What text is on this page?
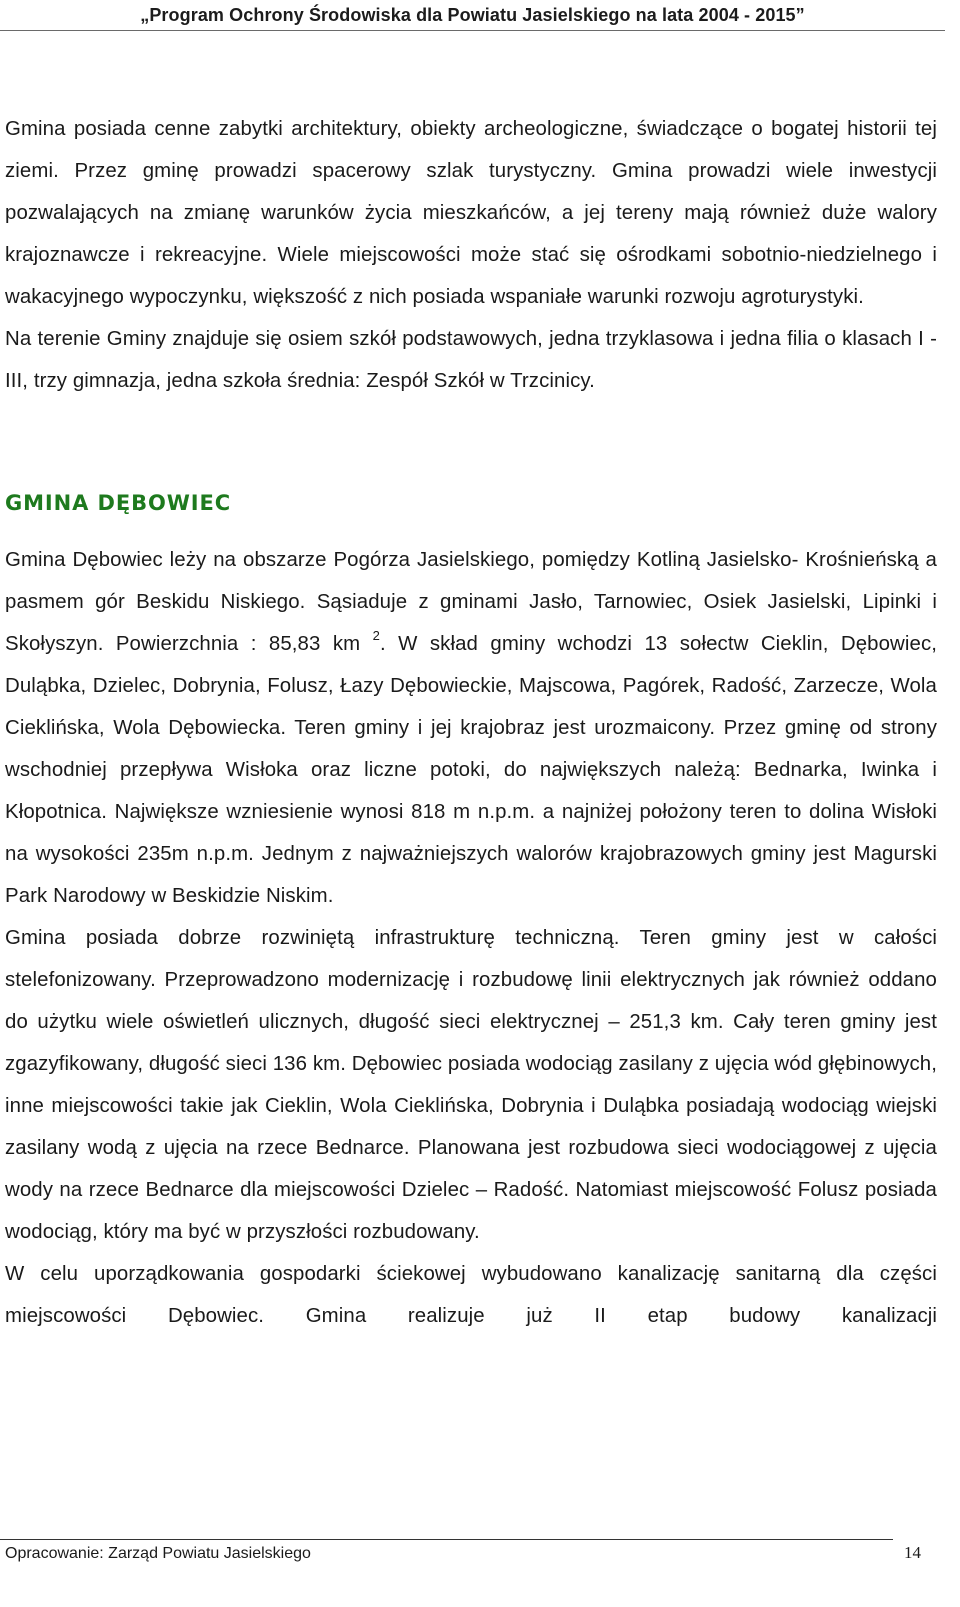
„Program Ochrony Środowiska dla Powiatu Jasielskiego na lata 2004 - 2015”

Gmina posiada cenne zabytki architektury, obiekty archeologiczne, świadczące o bogatej historii tej ziemi. Przez gminę prowadzi spacerowy szlak turystyczny. Gmina prowadzi wiele inwestycji pozwalających na zmianę warunków życia mieszkańców, a jej tereny mają również duże walory krajoznawcze i rekreacyjne. Wiele miejscowości może stać się ośrodkami sobotnio-niedzielnego i wakacyjnego wypoczynku, większość z nich posiada wspaniałe warunki rozwoju agroturystyki.

Na terenie Gminy znajduje się osiem szkół podstawowych, jedna trzyklasowa i jedna filia o klasach I - III, trzy gimnazja, jedna szkoła średnia: Zespół Szkół w Trzcinicy.

GMINA DĘBOWIEC

Gmina Dębowiec leży na obszarze Pogórza Jasielskiego, pomiędzy Kotliną Jasielsko- Krośnieńską a pasmem gór Beskidu Niskiego. Sąsiaduje z gminami Jasło, Tarnowiec, Osiek Jasielski, Lipinki i Skołyszyn. Powierzchnia : 85,83 km $^2$. W skład gminy wchodzi 13 sołectw Cieklin, Dębowiec, Duląbka, Dzielec, Dobrynia, Folusz, Łazy Dębowieckie, Majscowa, Pagórek, Radość, Zarzecze, Wola Cieklińska, Wola Dębowiecka. Teren gminy i jej krajobraz jest urozmaicony. Przez gminę od strony wschodniej przepływa Wisłoka oraz liczne potoki, do największych należą: Bednarka, Iwinka i Kłopotnica. Największe wzniesienie wynosi 818 m n.p.m. a najniżej położony teren to dolina Wisłoki na wysokości 235m n.p.m. Jednym z najważniejszych walorów krajobrazowych gminy jest Magurski Park Narodowy w Beskidzie Niskim.

Gmina posiada dobrze rozwiniętą infrastrukturę techniczną. Teren gminy jest w całości stelefonizowany. Przeprowadzono modernizację i rozbudowę linii elektrycznych jak również oddano do użytku wiele oświetleń ulicznych, długość sieci elektrycznej – 251,3 km. Cały teren gminy jest zgazyfikowany, długość sieci 136 km. Dębowiec posiada wodociąg zasilany z ujęcia wód głębinowych, inne miejscowości takie jak Cieklin, Wola Cieklińska, Dobrynia i Duląbka posiadają wodociąg wiejski zasilany wodą z ujęcia na rzece Bednarce. Planowana jest rozbudowa sieci wodociągowej z ujęcia wody na rzece Bednarce dla miejscowości Dzielec – Radość. Natomiast miejscowość Folusz posiada wodociąg, który ma być w przyszłości rozbudowany.

W celu uporządkowania gospodarki ściekowej wybudowano kanalizację sanitarną dla części miejscowości Dębowiec. Gmina realizuje już II etap budowy kanalizacji

Opracowanie: Zarząd Powiatu Jasielskiego	14
